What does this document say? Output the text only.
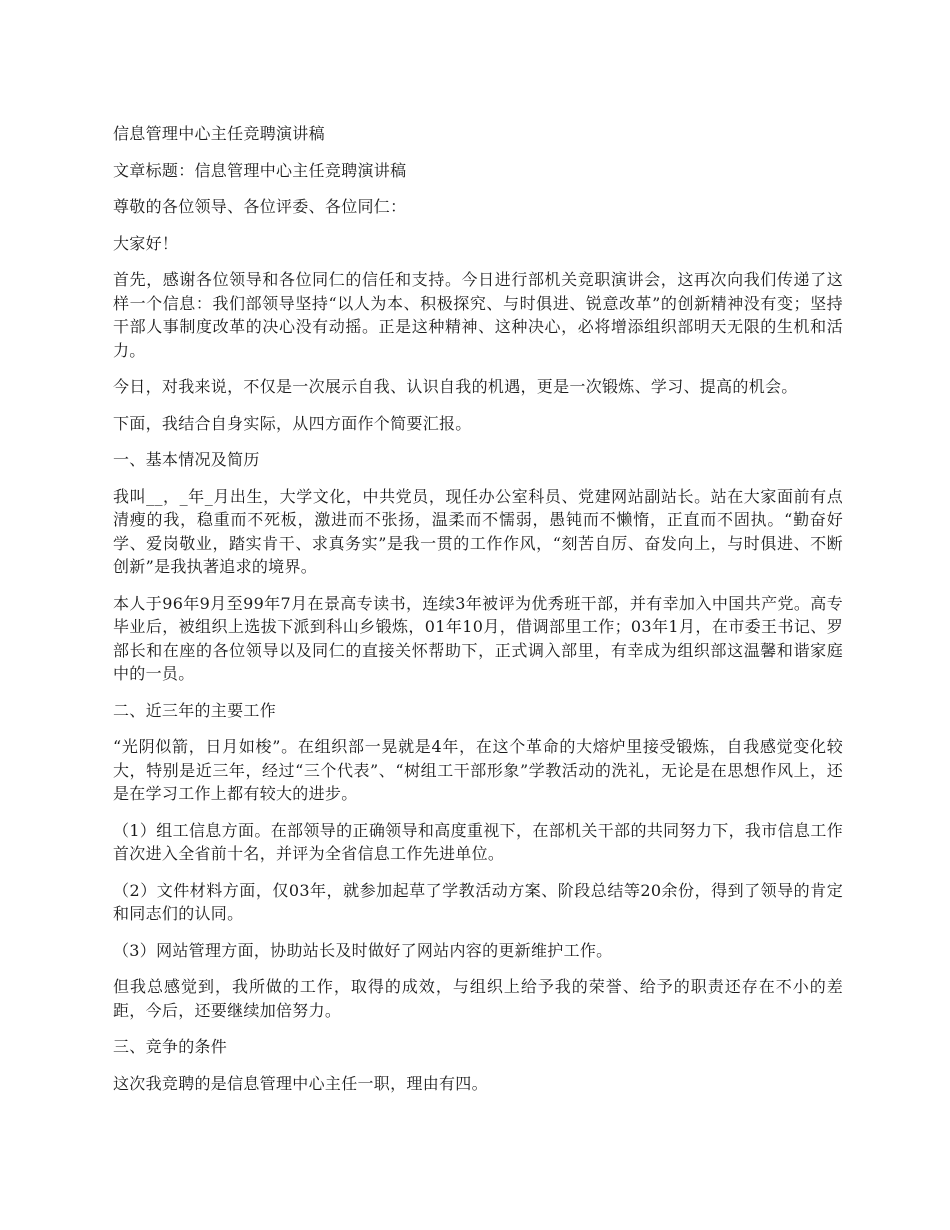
信息管理中心主任竞聘演讲稿

文章标题：信息管理中心主任竞聘演讲稿

尊敬的各位领导、各位评委、各位同仁：

大家好！

首先，感谢各位领导和各位同仁的信任和支持。今日进行部机关竞职演讲会，这再次向我们传递了这样一个信息：我们部领导坚持“以人为本、积极探究、与时俱进、锐意改革”的创新精神没有变；坚持干部人事制度改革的决心没有动摇。正是这种精神、这种决心，必将增添组织部明天无限的生机和活力。

今日，对我来说，不仅是一次展示自我、认识自我的机遇，更是一次锻炼、学习、提高的机会。

下面，我结合自身实际，从四方面作个简要汇报。

一、基本情况及简历

我叫__，_年_月出生，大学文化，中共党员，现任办公室科员、党建网站副站长。站在大家面前有点清瘦的我，稳重而不死板，激进而不张扬，温柔而不懦弱，愚钝而不懒惰，正直而不固执。“勤奋好学、爱岗敬业，踏实肯干、求真务实”是我一贯的工作作风，“刻苦自厉、奋发向上，与时俱进、不断创新”是我执著追求的境界。

本人于96年9月至99年7月在景高专读书，连续3年被评为优秀班干部，并有幸加入中国共产党。高专毕业后，被组织上选拔下派到科山乡锻炼，01年10月，借调部里工作；03年1月，在市委王书记、罗部长和在座的各位领导以及同仁的直接关怀帮助下，正式调入部里，有幸成为组织部这温馨和谐家庭中的一员。

二、近三年的主要工作

“光阴似箭，日月如梭”。在组织部一晃就是4年，在这个革命的大熔炉里接受锻炼，自我感觉变化较大，特别是近三年，经过“三个代表”、“树组工干部形象”学教活动的洗礼，无论是在思想作风上，还是在学习工作上都有较大的进步。

（1）组工信息方面。在部领导的正确领导和高度重视下，在部机关干部的共同努力下，我市信息工作首次进入全省前十名，并评为全省信息工作先进单位。

（2）文件材料方面，仅03年，就参加起草了学教活动方案、阶段总结等20余份，得到了领导的肯定和同志们的认同。

（3）网站管理方面，协助站长及时做好了网站内容的更新维护工作。

但我总感觉到，我所做的工作，取得的成效，与组织上给予我的荣誉、给予的职责还存在不小的差距，今后，还要继续加倍努力。

三、竞争的条件

这次我竞聘的是信息管理中心主任一职，理由有四。
